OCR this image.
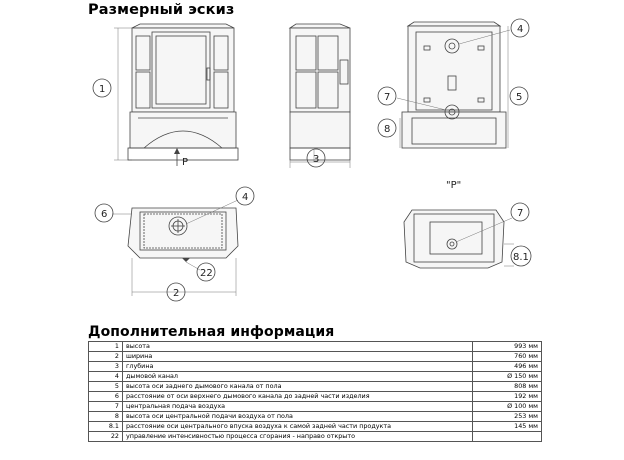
Размерный эскиз
P
1
3
4
5
7
8
2
6
4
22
"P"
7
8.1
Дополнительная информация
1	высота	993 мм
2	ширина	760 мм
3	глубина	496 мм
4	дымовой канал	Ø 150 мм
5	высота оси заднего дымового канала от пола	808 мм
6	расстояние от оси верхнего дымового канала до задней части изделия	192 мм
7	центральная подача воздуха	Ø 100 мм
8	высота оси центральной подачи воздуха от пола	253 мм
8.1	расстояние оси центрального впуска воздуха к самой задней части продукта	145 мм
22	управление интенсивностью процесса сгорания - направо открыто	
